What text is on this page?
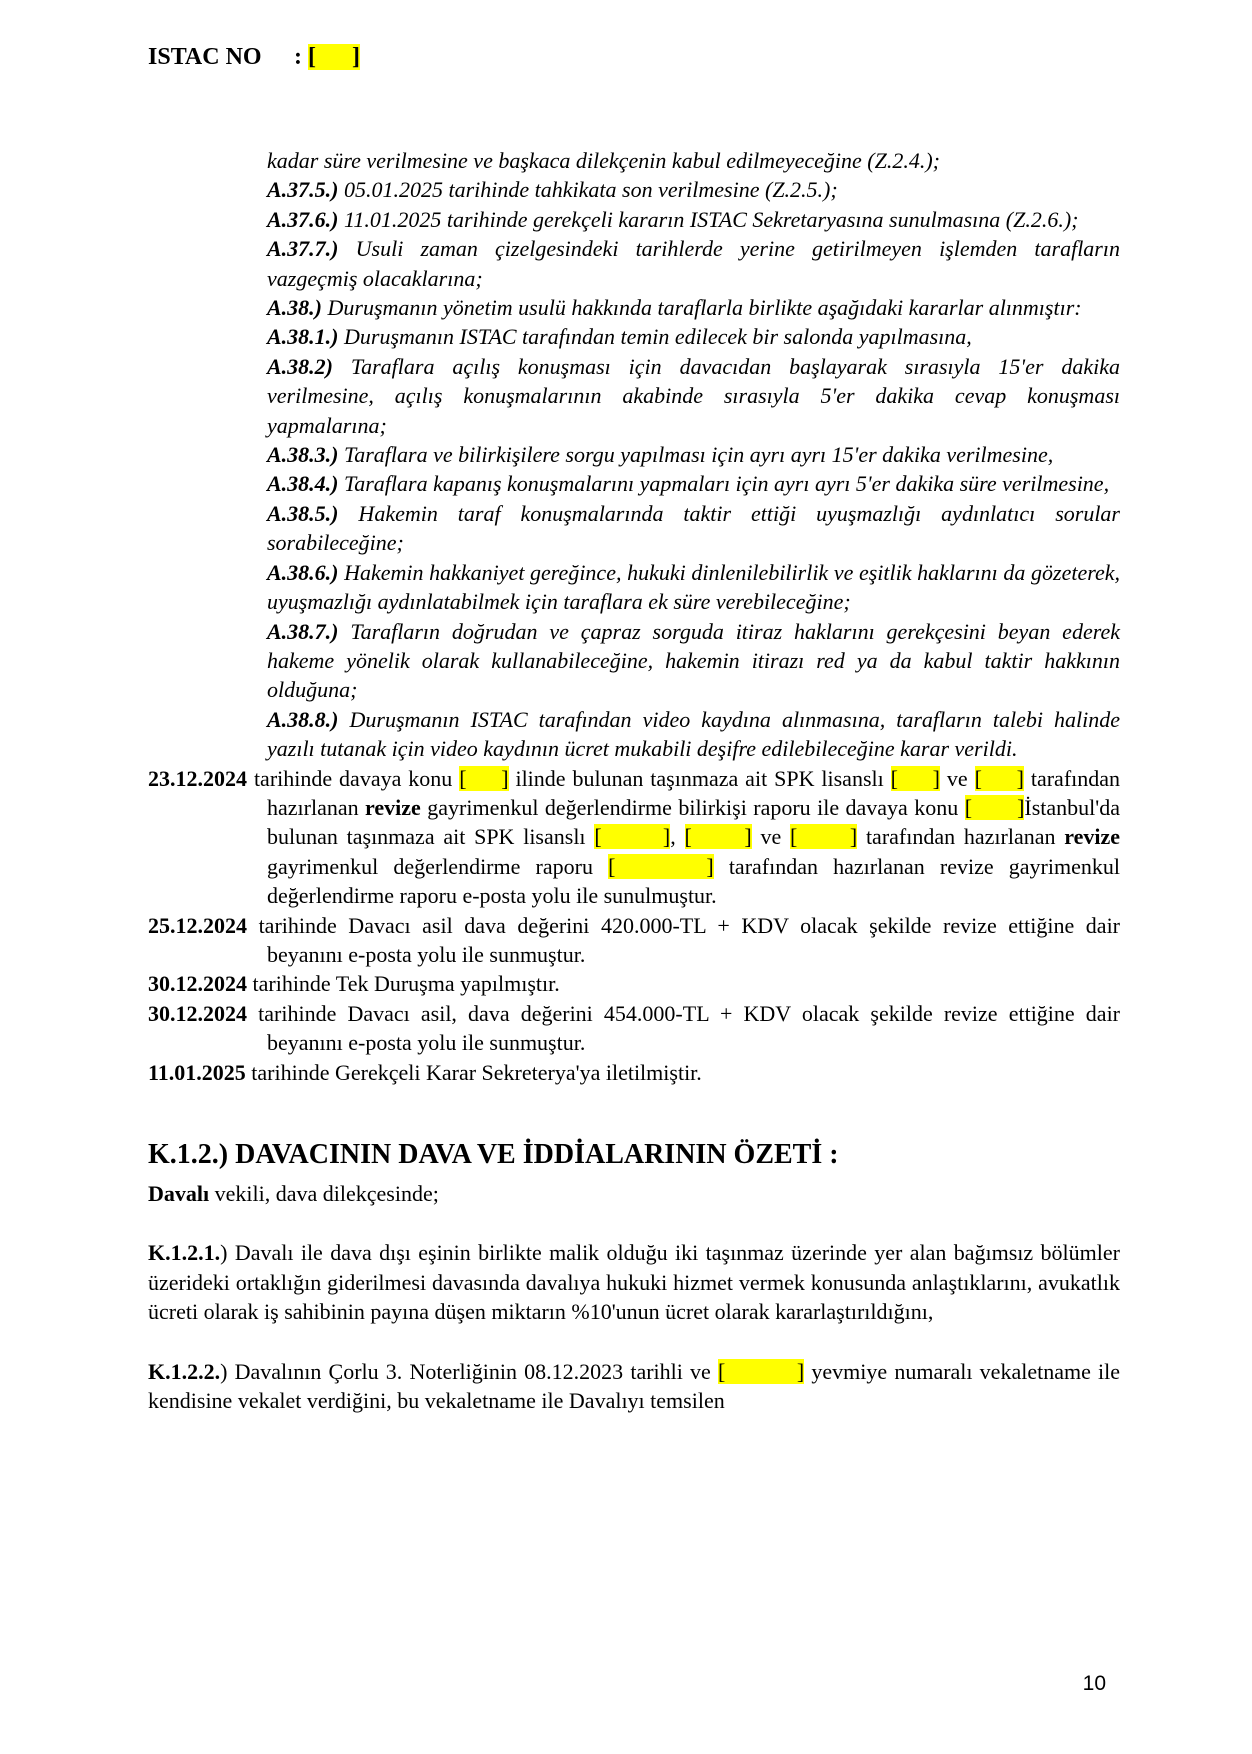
ISTAC NO : [      ]

kadar süre verilmesine ve başkaca dilekçenin kabul edilmeyeceğine (Z.2.4.);

A.37.5.) 05.01.2025 tarihinde tahkikata son verilmesine (Z.2.5.);

A.37.6.) 11.01.2025 tarihinde gerekçeli kararın ISTAC Sekretaryasına sunulmasına (Z.2.6.);

A.37.7.) Usuli zaman çizelgesindeki tarihlerde yerine getirilmeyen işlemden tarafların vazgeçmiş olacaklarına;

A.38.) Duruşmanın yönetim usulü hakkında taraflarla birlikte aşağıdaki kararlar alınmıştır:

A.38.1.) Duruşmanın ISTAC tarafından temin edilecek bir salonda yapılmasına,

A.38.2) Taraflara açılış konuşması için davacıdan başlayarak sırasıyla 15'er dakika verilmesine, açılış konuşmalarının akabinde sırasıyla 5'er dakika cevap konuşması yapmalarına;

A.38.3.) Taraflara ve bilirkişilere sorgu yapılması için ayrı ayrı 15'er dakika verilmesine,

A.38.4.) Taraflara kapanış konuşmalarını yapmaları için ayrı ayrı 5'er dakika süre verilmesine,

A.38.5.) Hakemin taraf konuşmalarında taktir ettiği uyuşmazlığı aydınlatıcı sorular sorabileceğine;

A.38.6.) Hakemin hakkaniyet gereğince, hukuki dinlenilebilirlik ve eşitlik haklarını da gözeterek, uyuşmazlığı aydınlatabilmek için taraflara ek süre verebileceğine;

A.38.7.) Tarafların doğrudan ve çapraz sorguda itiraz haklarını gerekçesini beyan ederek hakeme yönelik olarak kullanabileceğine, hakemin itirazı red ya da kabul taktir hakkının olduğuna;

A.38.8.) Duruşmanın ISTAC tarafından video kaydına alınmasına, tarafların talebi halinde yazılı tutanak için video kaydının ücret mukabili deşifre edilebileceğine karar verildi.

23.12.2024 tarihinde davaya konu [     ] ilinde bulunan taşınmaza ait SPK lisanslı [     ] ve [     ] tarafından hazırlanan revize gayrimenkul değerlendirme bilirkişi raporu ile davaya konu [       ]İstanbul'da bulunan taşınmaza ait SPK lisanslı [       ], [      ] ve [      ] tarafından hazırlanan revize gayrimenkul değerlendirme raporu [      ] tarafından hazırlanan revize gayrimenkul değerlendirme raporu e-posta yolu ile sunulmuştur.
25.12.2024 tarihinde Davacı asil dava değerini 420.000-TL + KDV olacak şekilde revize ettiğine dair beyanını e-posta yolu ile sunmuştur.
30.12.2024 tarihinde Tek Duruşma yapılmıştır.
30.12.2024 tarihinde Davacı asil, dava değerini 454.000-TL + KDV olacak şekilde revize ettiğine dair beyanını e-posta yolu ile sunmuştur.
11.01.2025 tarihinde Gerekçeli Karar Sekreterya'ya iletilmiştir.
K.1.2.) DAVACININ DAVA VE İDDİALARININ ÖZETİ :
Davalı vekili, dava dilekçesinde;

K.1.2.1.) Davalı ile dava dışı eşinin birlikte malik olduğu iki taşınmaz üzerinde yer alan bağımsız bölümler üzerideki ortaklığın giderilmesi davasında davalıya hukuki hizmet vermek konusunda anlaştıklarını, avukatlık ücreti olarak iş sahibinin payına düşen miktarın %10'unun ücret olarak kararlaştırıldığını,

K.1.2.2.) Davalının Çorlu 3. Noterliğinin 08.12.2023 tarihli ve [          ] yevmiye numaralı vekaletname ile kendisine vekalet verdiğini, bu vekaletname ile Davalıyı temsilen

10
